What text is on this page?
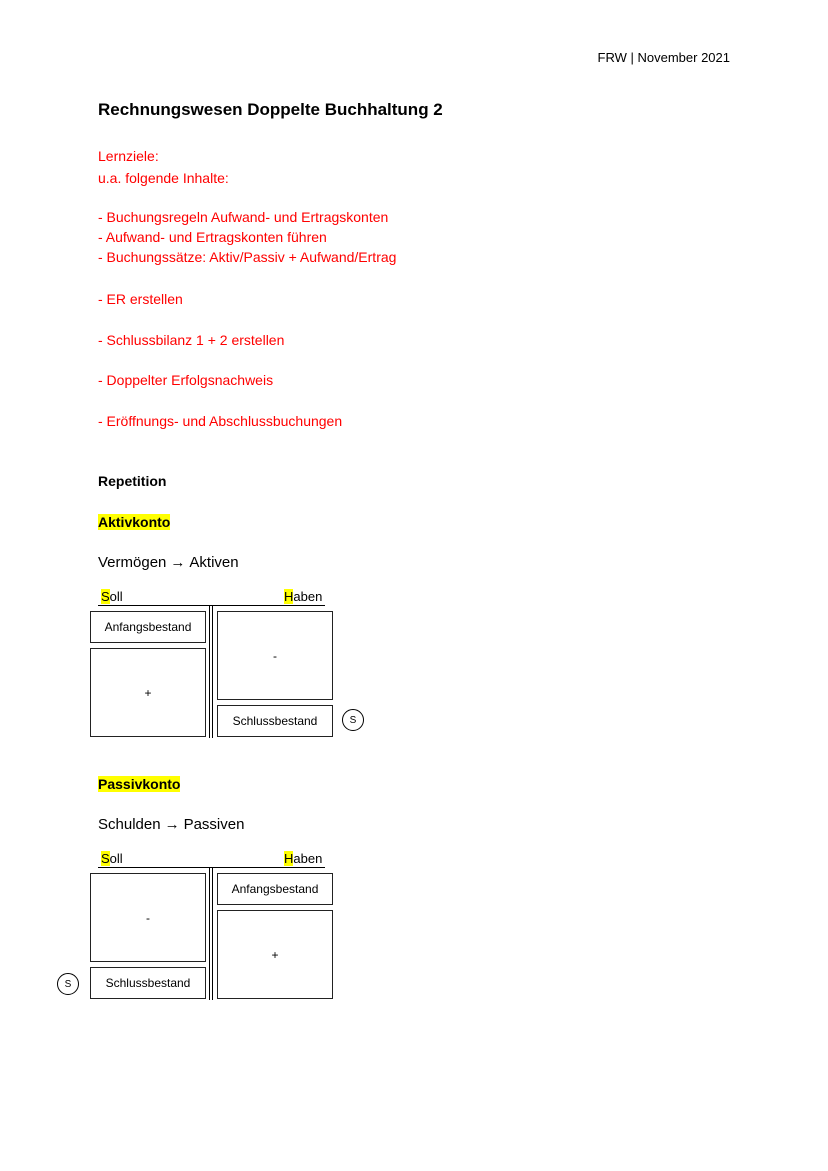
FRW | November 2021
Rechnungswesen Doppelte Buchhaltung 2
Lernziele:
u.a. folgende Inhalte:
- Buchungsregeln Aufwand- und Ertragskonten
- Aufwand- und Ertragskonten führen
- Buchungssätze: Aktiv/Passiv + Aufwand/Ertrag
- ER erstellen
- Schlussbilanz 1 + 2 erstellen
- Doppelter Erfolgsnachweis
- Eröffnungs- und Abschlussbuchungen
Repetition
Aktivkonto
Vermögen → Aktiven
Soll	Haben
Anfangsbestand
+
-
Schlussbestand	S
Passivkonto
Schulden → Passiven
Soll	Haben
-
Schlussbestand
Anfangsbestand
+
S
